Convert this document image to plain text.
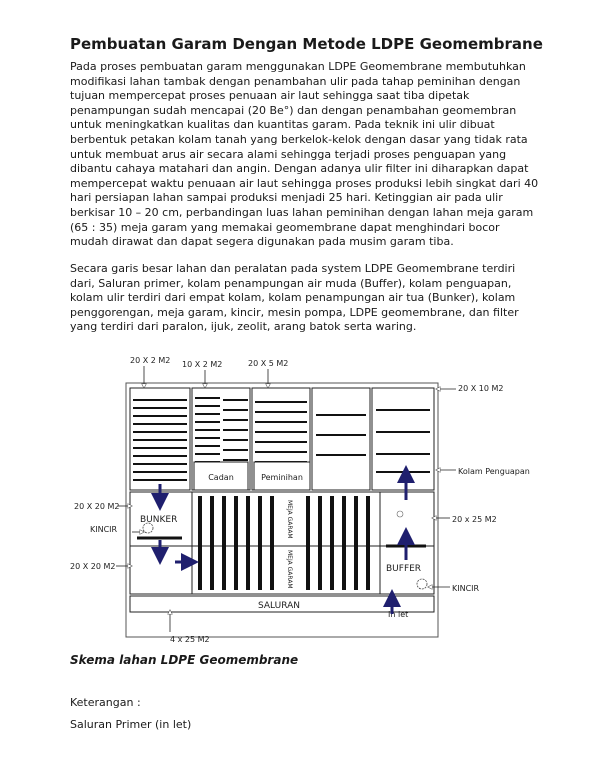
Pembuatan Garam Dengan Metode LDPE Geomembrane

Pada proses pembuatan garam menggunakan LDPE Geomembrane membutuhkan modifikasi lahan tambak dengan penambahan ulir pada tahap peminihan dengan tujuan mempercepat proses penuaan air laut sehingga saat tiba dipetak penampungan sudah mencapai (20 Be°) dan dengan penambahan geomembran untuk meningkatkan kualitas dan kuantitas garam. Pada teknik ini ulir dibuat berbentuk petakan kolam tanah yang berkelok-kelok dengan dasar yang tidak rata untuk membuat arus air secara alami sehingga terjadi proses penguapan yang dibantu cahaya matahari dan angin. Dengan adanya ulir filter ini diharapkan dapat mempercepat waktu penuaan air laut sehingga proses produksi lebih singkat dari 40 hari persiapan lahan sampai produksi menjadi 25 hari. Ketinggian air pada ulir berkisar 10 – 20 cm, perbandingan luas lahan peminihan dengan lahan meja garam (65 : 35) meja garam yang memakai geomembrane dapat menghindari bocor mudah dirawat dan dapat segera digunakan pada musim garam tiba.

Secara garis besar lahan dan peralatan pada system LDPE Geomembrane terdiri dari, Saluran primer, kolam penampungan air muda (Buffer), kolam penguapan, kolam ulir terdiri dari empat kolam, kolam penampungan air tua (Bunker), kolam penggorengan, meja garam, kincir, mesin pompa, LDPE geomembrane, dan filter yang terdiri dari paralon, ijuk, zeolit, arang batok serta waring.

Cadan	Peminihan
20 X 2 M2 10 X 2 M2	20 X 5 M2
20 X 10 M2
Kolam Penguapan
MEJA GARAM
MEJA GARAM
BUNKER
BUFFER
20 X 20 M2
KINCIR
20 x 25 M2
20 X 20 M2
KINCIR
SALURAN
In let
4 x 25 M2
Skema lahan LDPE Geomembrane
Keterangan :
Saluran Primer (in let)
